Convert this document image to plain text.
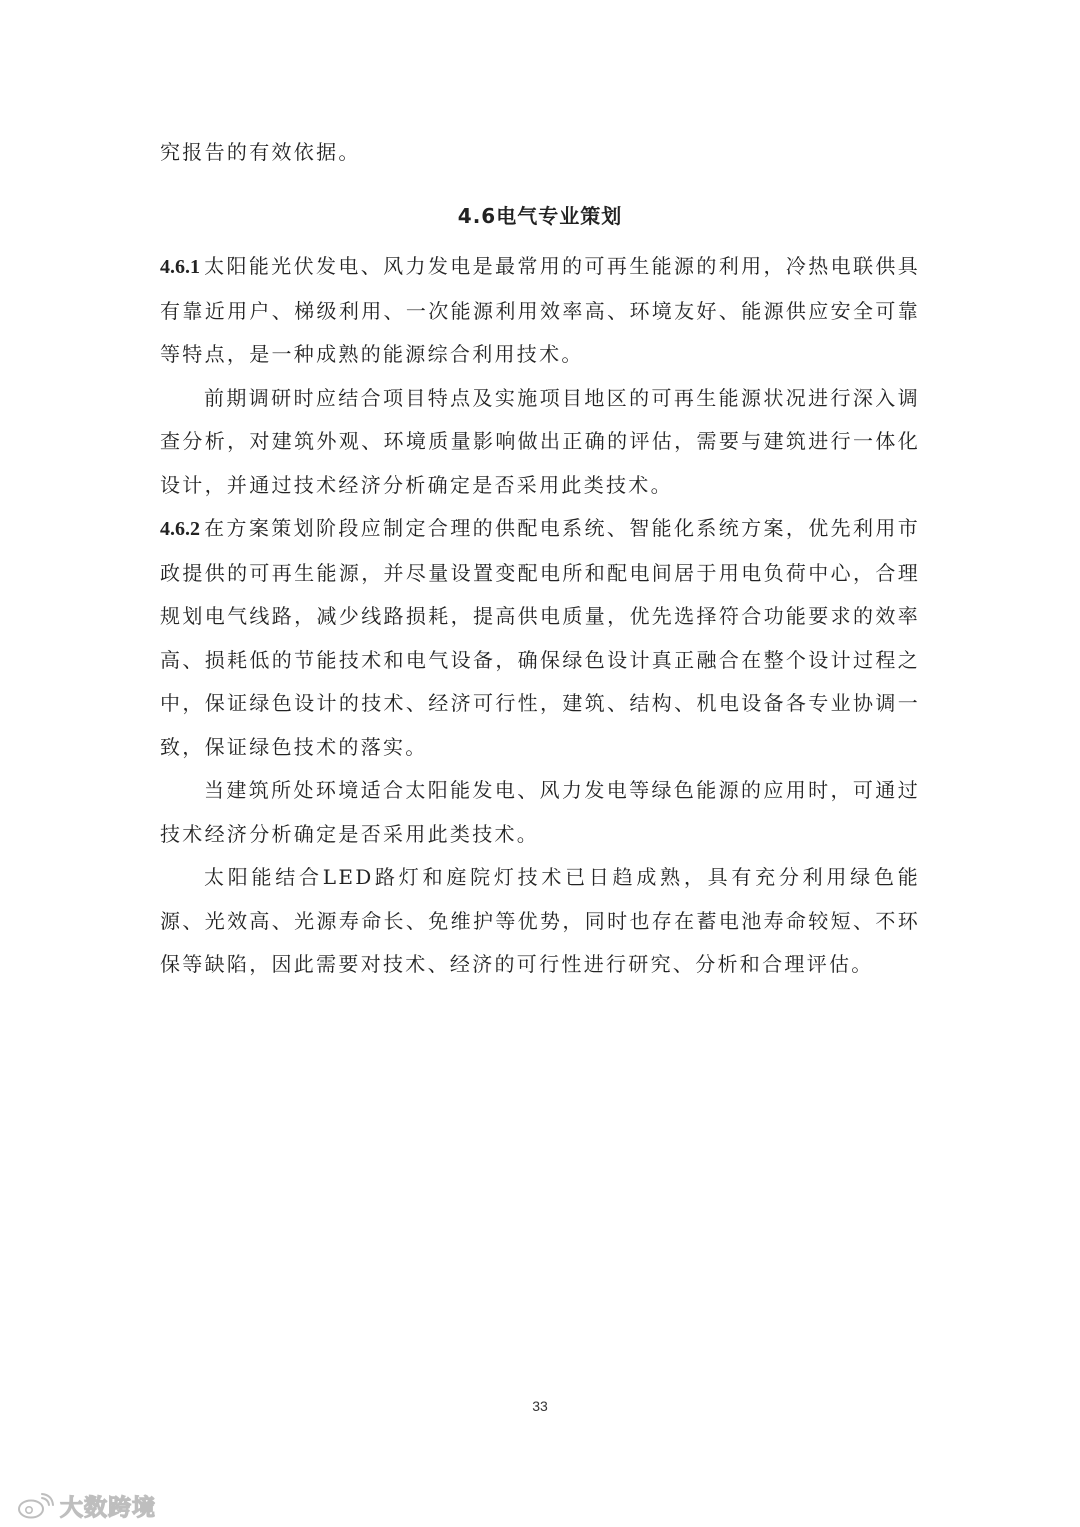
究报告的有效依据。

4.6电气专业策划

4.6.1 太阳能光伏发电、风力发电是最常用的可再生能源的利用，冷热电联供具有靠近用户、梯级利用、一次能源利用效率高、环境友好、能源供应安全可靠等特点，是一种成熟的能源综合利用技术。

前期调研时应结合项目特点及实施项目地区的可再生能源状况进行深入调查分析，对建筑外观、环境质量影响做出正确的评估，需要与建筑进行一体化设计，并通过技术经济分析确定是否采用此类技术。

4.6.2 在方案策划阶段应制定合理的供配电系统、智能化系统方案，优先利用市政提供的可再生能源，并尽量设置变配电所和配电间居于用电负荷中心，合理规划电气线路，减少线路损耗，提高供电质量，优先选择符合功能要求的效率高、损耗低的节能技术和电气设备，确保绿色设计真正融合在整个设计过程之中，保证绿色设计的技术、经济可行性，建筑、结构、机电设备各专业协调一致，保证绿色技术的落实。

当建筑所处环境适合太阳能发电、风力发电等绿色能源的应用时，可通过技术经济分析确定是否采用此类技术。

太阳能结合LED路灯和庭院灯技术已日趋成熟，具有充分利用绿色能源、光效高、光源寿命长、免维护等优势，同时也存在蓄电池寿命较短、不环保等缺陷，因此需要对技术、经济的可行性进行研究、分析和合理评估。

33
大数跨境
